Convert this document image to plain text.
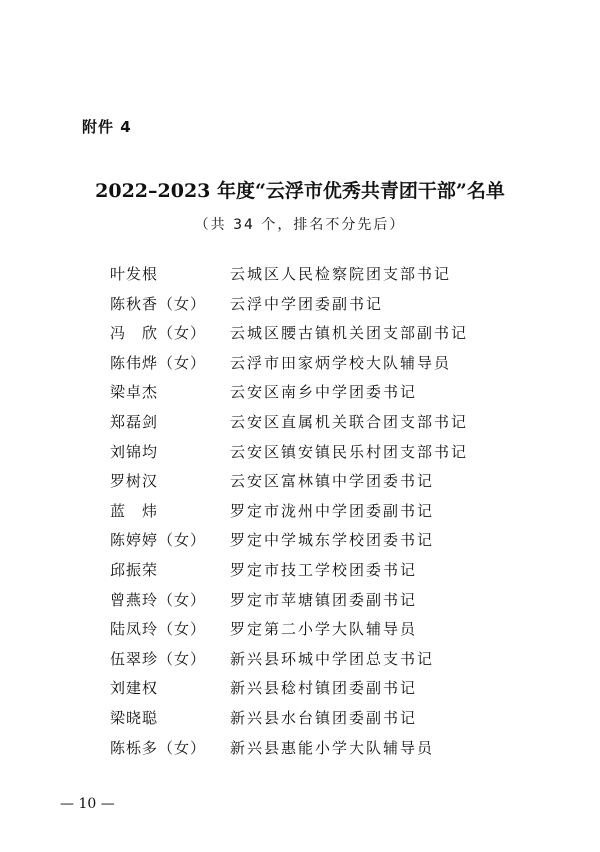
附件 4
2022–2023 年度“云浮市优秀共青团干部”名单
（共 34 个，排名不分先后）
叶发根	云城区人民检察院团支部书记
陈秋香（女） 云浮中学团委副书记
冯　欣（女） 云城区腰古镇机关团支部副书记
陈伟烨（女） 云浮市田家炳学校大队辅导员
梁卓杰	云安区南乡中学团委书记
郑磊剑	云安区直属机关联合团支部书记
刘锦均	云安区镇安镇民乐村团支部书记
罗树汉	云安区富林镇中学团委书记
蓝　炜	罗定市泷州中学团委副书记
陈婷婷（女） 罗定中学城东学校团委书记
邱振荣	罗定市技工学校团委书记
曾燕玲（女） 罗定市苹塘镇团委副书记
陆凤玲（女） 罗定第二小学大队辅导员
伍翠珍（女） 新兴县环城中学团总支书记
刘建权	新兴县稔村镇团委副书记
梁晓聪	新兴县水台镇团委副书记
陈栎多（女） 新兴县惠能小学大队辅导员
— 10 —
